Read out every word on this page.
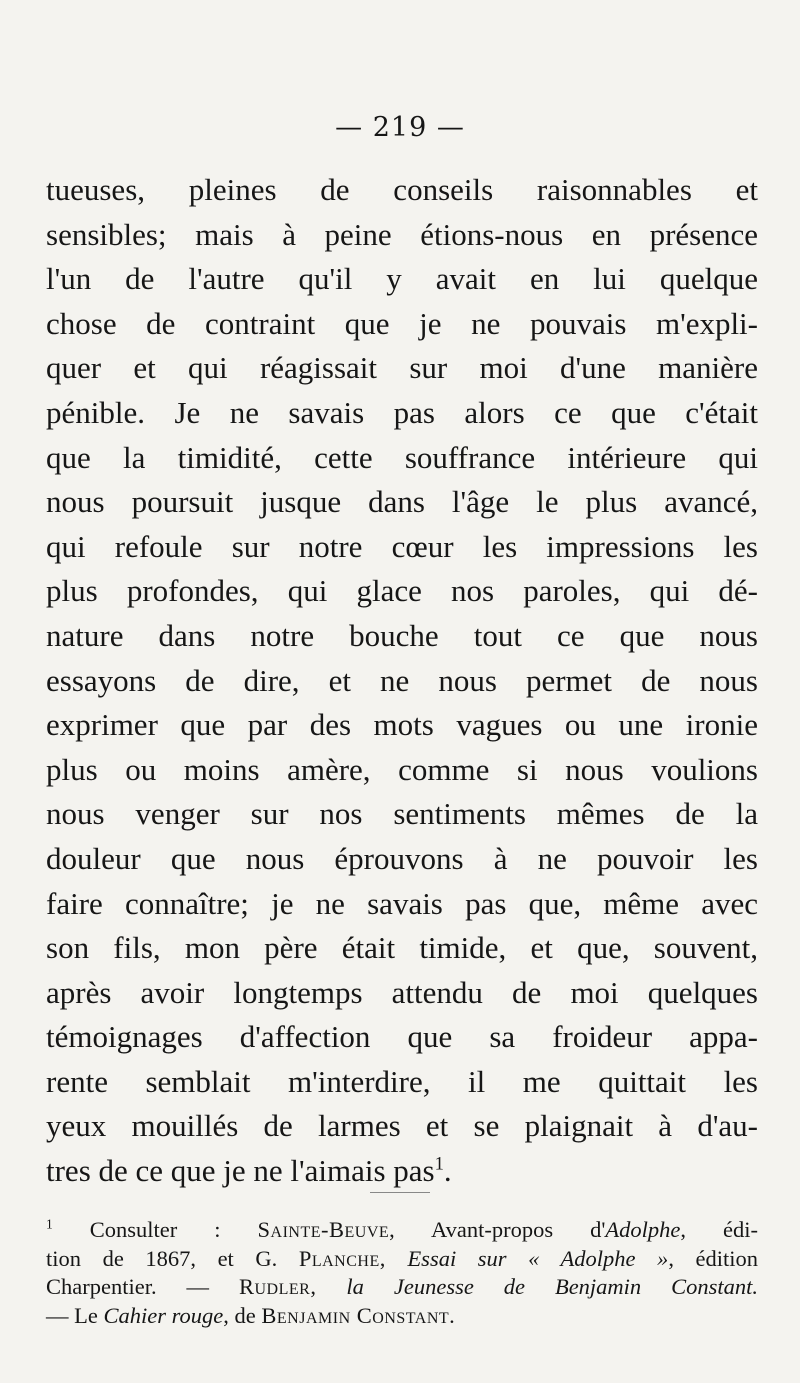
— 219 —
tueuses, pleines de conseils raisonnables et
sensibles; mais à peine étions-nous en présence
l'un de l'autre qu'il y avait en lui quelque
chose de contraint que je ne pouvais m'expli-
quer et qui réagissait sur moi d'une manière
pénible. Je ne savais pas alors ce que c'était
que la timidité, cette souffrance intérieure qui
nous poursuit jusque dans l'âge le plus avancé,
qui refoule sur notre cœur les impressions les
plus profondes, qui glace nos paroles, qui dé-
nature dans notre bouche tout ce que nous
essayons de dire, et ne nous permet de nous
exprimer que par des mots vagues ou une ironie
plus ou moins amère, comme si nous voulions
nous venger sur nos sentiments mêmes de la
douleur que nous éprouvons à ne pouvoir les
faire connaître; je ne savais pas que, même avec
son fils, mon père était timide, et que, souvent,
après avoir longtemps attendu de moi quelques
témoignages d'affection que sa froideur appa-
rente semblait m'interdire, il me quittait les
yeux mouillés de larmes et se plaignait à d'au-
tres de ce que je ne l'aimais pas$^1$.
$^1$ Consulter : Sainte-Beuve, Avant-propos d'Adolphe, édi-
tion de 1867, et G. Planche, Essai sur « Adolphe », édition
Charpentier. — Rudler, la Jeunesse de Benjamin Constant.
— Le Cahier rouge, de Benjamin Constant.
